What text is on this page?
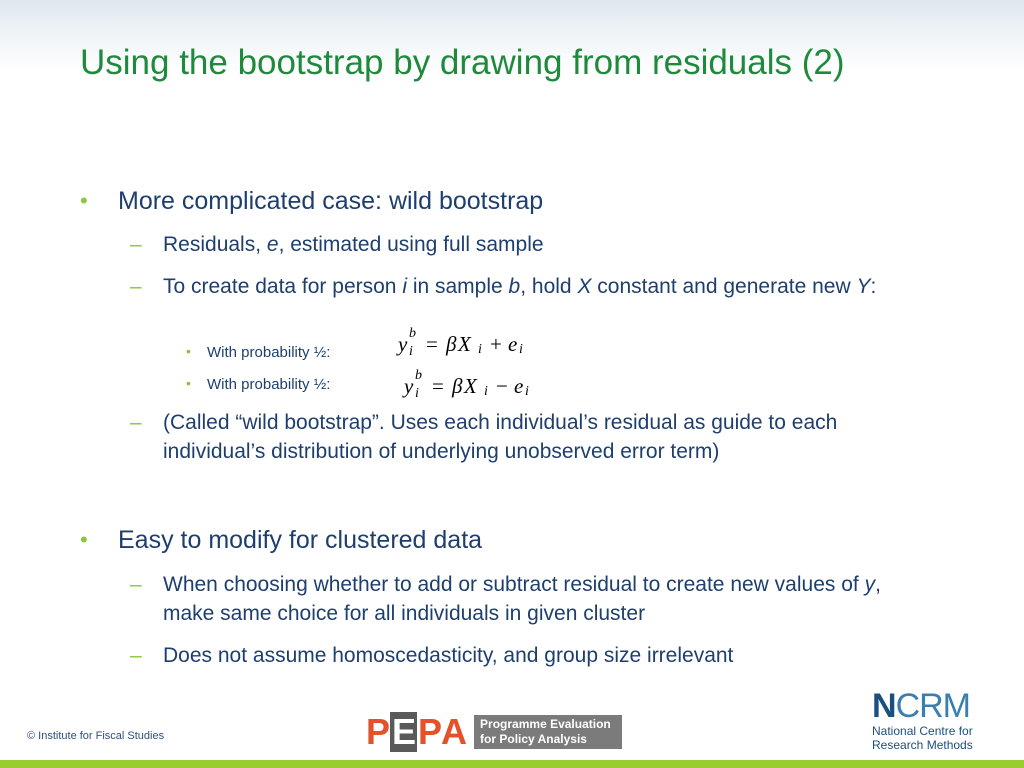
Using the bootstrap by drawing from residuals (2)
• More complicated case: wild bootstrap
– Residuals, e, estimated using full sample
– To create data for person i in sample b, hold X constant and generate new Y:
• With probability ½:	y b
i = β X i + e i
• With probability ½:	y b
i = β X i − e i
– (Called “wild bootstrap”. Uses each individual’s residual as guide to each individual’s distribution of underlying unobserved error term)
• Easy to modify for clustered data
– When choosing whether to add or subtract residual to create new values of y, make same choice for all individuals in given cluster
– Does not assume homoscedasticity, and group size irrelevant
© Institute for Fiscal Studies	P E P A	Programme Evaluation for Policy Analysis
NCRM
National Centre for Research Methods
